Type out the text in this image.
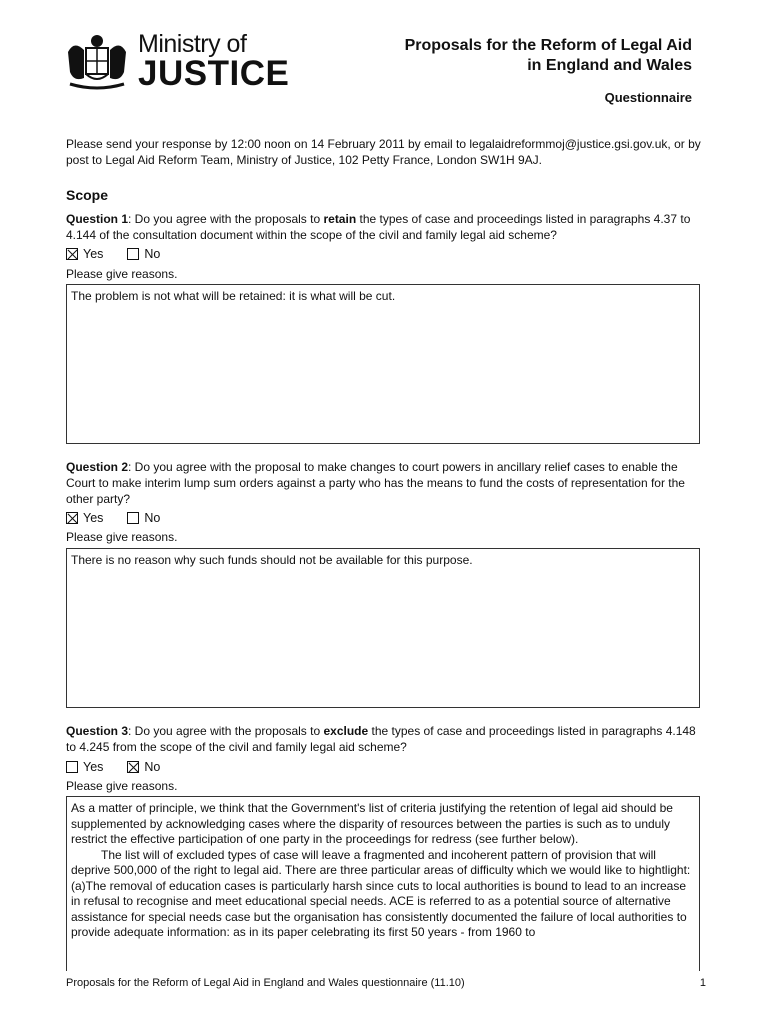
Ministry of
JUSTICE
Proposals for the Reform of Legal Aid
in England and Wales
Questionnaire
Please send your response by 12:00 noon on 14 February 2011 by email to legalaidreformmoj@justice.gsi.gov.uk, or by post to Legal Aid Reform Team, Ministry of Justice, 102 Petty France, London SW1H 9AJ.
Scope
Question 1: Do you agree with the proposals to retain the types of case and proceedings listed in paragraphs 4.37 to 4.144 of the consultation document within the scope of the civil and family legal aid scheme?
Yes	No
Please give reasons.

The problem is not what will be retained: it is what will be cut.

Question 2: Do you agree with the proposal to make changes to court powers in ancillary relief cases to enable the Court to make interim lump sum orders against a party who has the means to fund the costs of representation for the other party?
Yes	No
Please give reasons.

There is no reason why such funds should not be available for this purpose.

Question 3: Do you agree with the proposals to exclude the types of case and proceedings listed in paragraphs 4.148 to 4.245 from the scope of the civil and family legal aid scheme?
Yes	No
Please give reasons.

As a matter of principle, we think that the Government's list of criteria justifying the retention of legal aid should be supplemented by acknowledging cases where the disparity of resources between the parties is such as to unduly restrict the effective participation of one party in the proceedings for redress (see further below).

The list will of excluded types of case will leave a fragmented and incoherent pattern of provision that will deprive 500,000 of the right to legal aid. There are three particular areas of difficulty which we would like to hightlight:

(a)The removal of education cases is particularly harsh since cuts to local authorities is bound to lead to an increase in refusal to recognise and meet educational special needs. ACE is referred to as a potential source of alternative assistance for special needs case but the organisation has consistently documented the failure of local authorities to provide adequate information: as in its paper celebrating its first 50 years - from 1960 to

Proposals for the Reform of Legal Aid in England and Wales questionnaire (11.10)	1
